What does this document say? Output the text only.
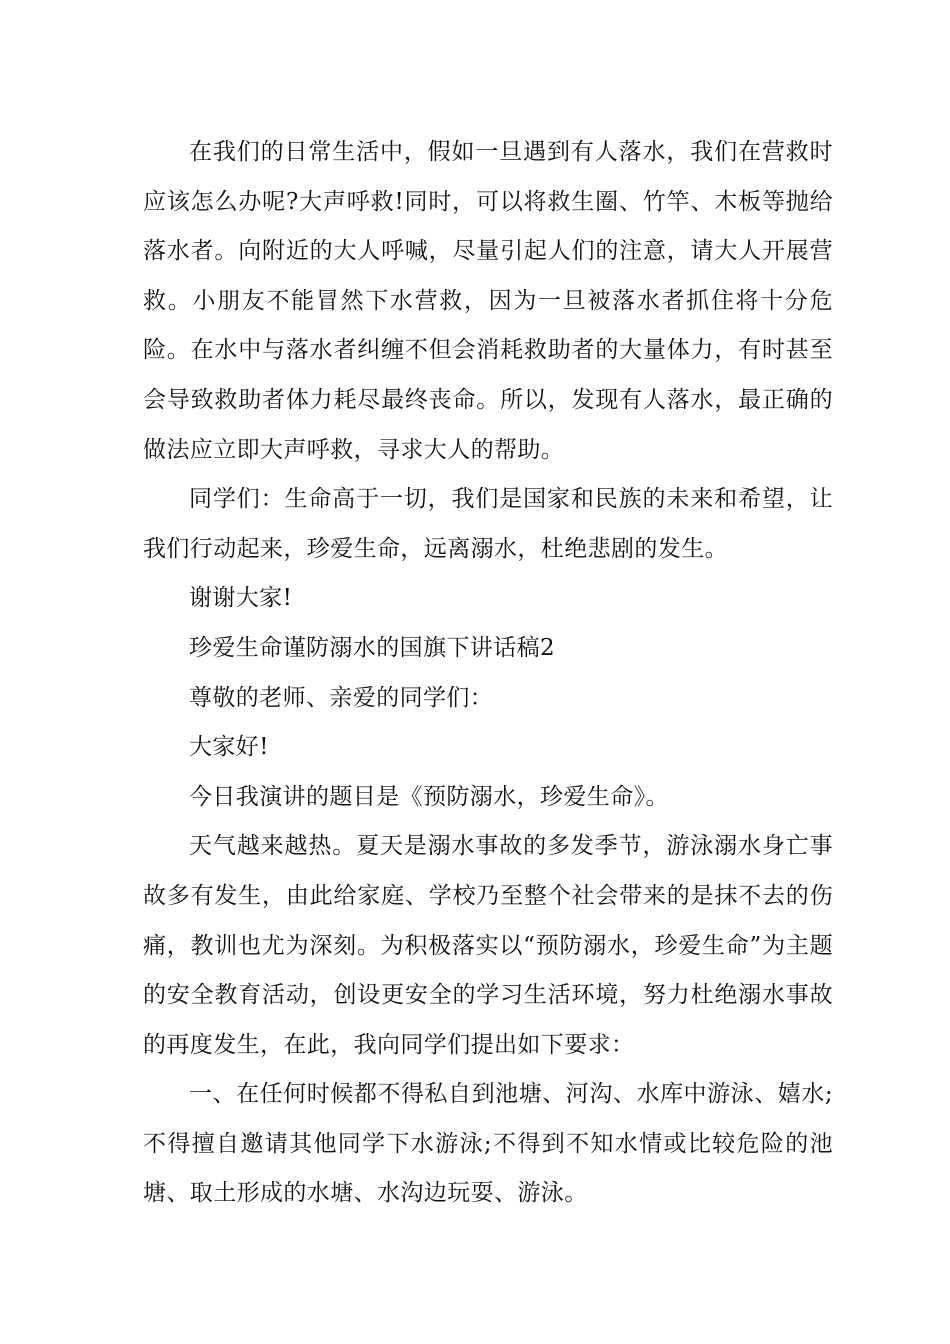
在我们的日常生活中，假如一旦遇到有人落水，我们在营救时应该怎么办呢?大声呼救!同时，可以将救生圈、竹竿、木板等抛给落水者。向附近的大人呼喊，尽量引起人们的注意，请大人开展营救。小朋友不能冒然下水营救，因为一旦被落水者抓住将十分危险。在水中与落水者纠缠不但会消耗救助者的大量体力，有时甚至会导致救助者体力耗尽最终丧命。所以，发现有人落水，最正确的做法应立即大声呼救，寻求大人的帮助。

同学们：生命高于一切，我们是国家和民族的未来和希望，让我们行动起来，珍爱生命，远离溺水，杜绝悲剧的发生。

谢谢大家!

珍爱生命谨防溺水的国旗下讲话稿2

尊敬的老师、亲爱的同学们：

大家好!

今日我演讲的题目是《预防溺水，珍爱生命》。

天气越来越热。夏天是溺水事故的多发季节，游泳溺水身亡事故多有发生，由此给家庭、学校乃至整个社会带来的是抹不去的伤痛，教训也尤为深刻。为积极落实以“预防溺水，珍爱生命”为主题的安全教育活动，创设更安全的学习生活环境，努力杜绝溺水事故的再度发生，在此，我向同学们提出如下要求：

一、在任何时候都不得私自到池塘、河沟、水库中游泳、嬉水;不得擅自邀请其他同学下水游泳;不得到不知水情或比较危险的池塘、取土形成的水塘、水沟边玩耍、游泳。
